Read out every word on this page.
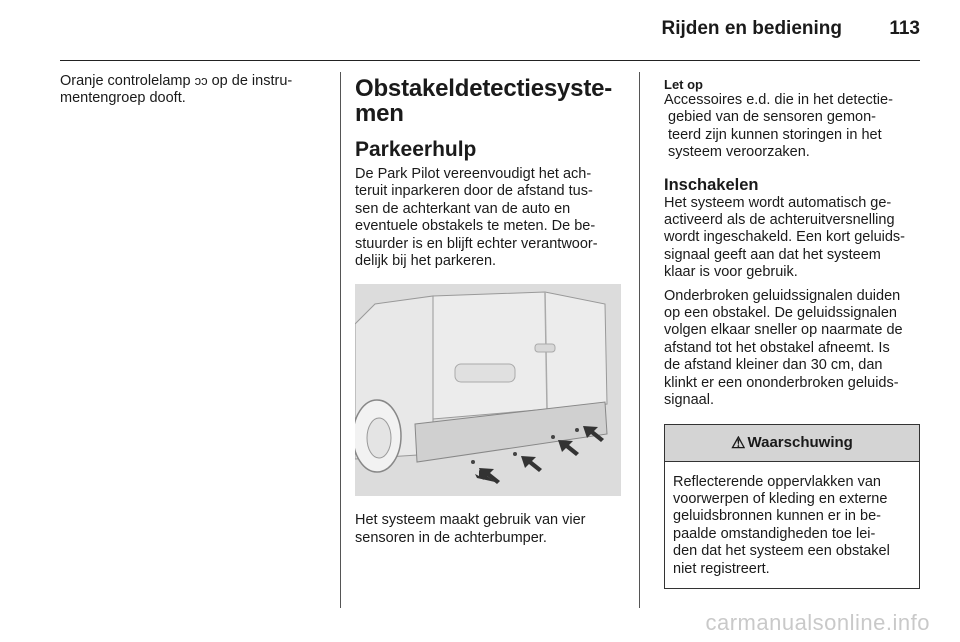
Rijden en bediening 113

Oranje controlelamp ↄↄ op de instru-
mentengroep dooft.	Obstakeldetectiesyste-
men
Parkeerhulp

De Park Pilot vereenvoudigt het ach-
teruit inparkeren door de afstand tus-
sen de achterkant van de auto en
eventuele obstakels te meten. De be-
stuurder is en blijft echter verantwoor-
delijk bij het parkeren.

Het systeem maakt gebruik van vier
sensoren in de achterbumper.

Let op

Accessoires e.d. die in het detectie-
gebied van de sensoren gemon-
teerd zijn kunnen storingen in het
systeem veroorzaken.

Inschakelen

Het systeem wordt automatisch ge-
activeerd als de achteruitversnelling
wordt ingeschakeld. Een kort geluids-
signaal geeft aan dat het systeem
klaar is voor gebruik.

Onderbroken geluidssignalen duiden
op een obstakel. De geluidssignalen
volgen elkaar sneller op naarmate de
afstand tot het obstakel afneemt. Is
de afstand kleiner dan 30 cm, dan
klinkt er een ononderbroken geluids-
signaal.

⚠ Waarschuwing

Reflecterende oppervlakken van
voorwerpen of kleding en externe
geluidsbronnen kunnen er in be-
paalde omstandigheden toe lei-
den dat het systeem een obstakel
niet registreert.

carmanualsonline.info
